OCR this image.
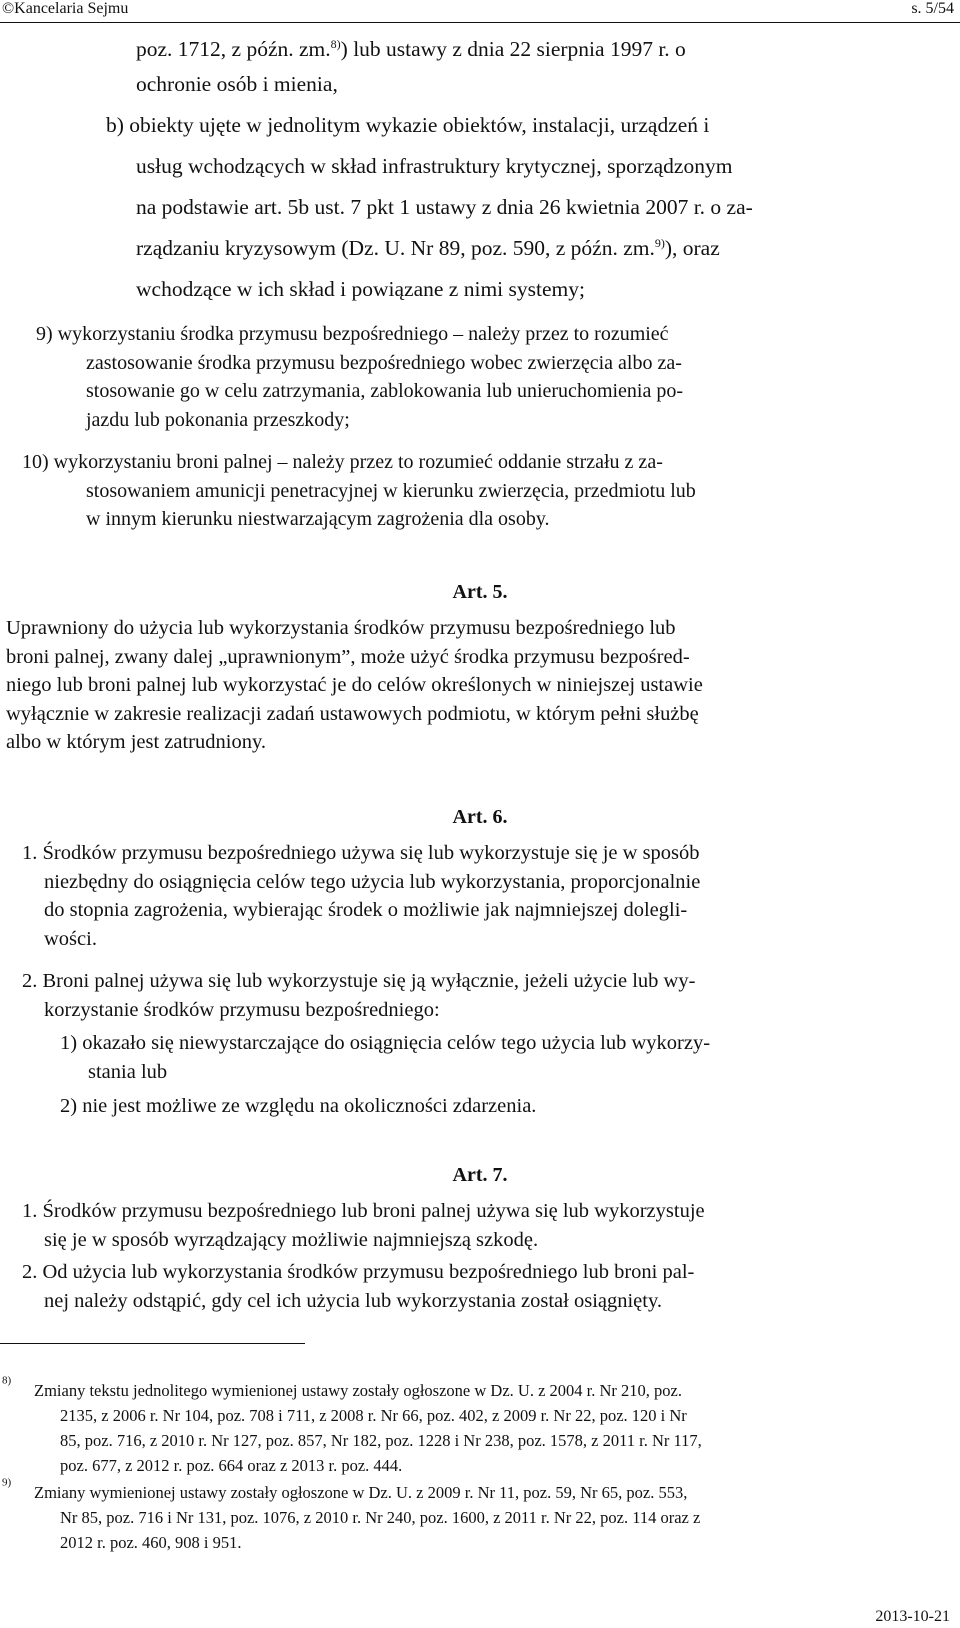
©Kancelaria Sejmu	s. 5/54
poz. 1712, z późn. zm.$^{8)}$) lub ustawy z dnia 22 sierpnia 1997 r. o
ochronie osób i mienia,
b) obiekty ujęte w jednolitym wykazie obiektów, instalacji, urządzeń i
usług wchodzących w skład infrastruktury krytycznej, sporządzonym
na podstawie art. 5b ust. 7 pkt 1 ustawy z dnia 26 kwietnia 2007 r. o za-
rządzaniu kryzysowym (Dz. U. Nr 89, poz. 590, z późn. zm.$^{9)}$), oraz
wchodzące w ich skład i powiązane z nimi systemy;
9) wykorzystaniu środka przymusu bezpośredniego – należy przez to rozumieć
zastosowanie środka przymusu bezpośredniego wobec zwierzęcia albo za-
stosowanie go w celu zatrzymania, zablokowania lub unieruchomienia po-
jazdu lub pokonania przeszkody;
10) wykorzystaniu broni palnej – należy przez to rozumieć oddanie strzału z za-
stosowaniem amunicji penetracyjnej w kierunku zwierzęcia, przedmiotu lub
w innym kierunku niestwarzającym zagrożenia dla osoby.
Art. 5.
Uprawniony do użycia lub wykorzystania środków przymusu bezpośredniego lub
broni palnej, zwany dalej „uprawnionym”, może użyć środka przymusu bezpośred-
niego lub broni palnej lub wykorzystać je do celów określonych w niniejszej ustawie
wyłącznie w zakresie realizacji zadań ustawowych podmiotu, w którym pełni służbę
albo w którym jest zatrudniony.
Art. 6.
1. Środków przymusu bezpośredniego używa się lub wykorzystuje się je w sposób
niezbędny do osiągnięcia celów tego użycia lub wykorzystania, proporcjonalnie
do stopnia zagrożenia, wybierając środek o możliwie jak najmniejszej dolegli-
wości.
2. Broni palnej używa się lub wykorzystuje się ją wyłącznie, jeżeli użycie lub wy-
korzystanie środków przymusu bezpośredniego:
1) okazało się niewystarczające do osiągnięcia celów tego użycia lub wykorzy-
stania lub
2) nie jest możliwe ze względu na okoliczności zdarzenia.
Art. 7.
1. Środków przymusu bezpośredniego lub broni palnej używa się lub wykorzystuje
się je w sposób wyrządzający możliwie najmniejszą szkodę.
2. Od użycia lub wykorzystania środków przymusu bezpośredniego lub broni pal-
nej należy odstąpić, gdy cel ich użycia lub wykorzystania został osiągnięty.
$^{8)}$
Zmiany tekstu jednolitego wymienionej ustawy zostały ogłoszone w Dz. U. z 2004 r. Nr 210, poz.
2135, z 2006 r. Nr 104, poz. 708 i 711, z 2008 r. Nr 66, poz. 402, z 2009 r. Nr 22, poz. 120 i Nr
85, poz. 716, z 2010 r. Nr 127, poz. 857, Nr 182, poz. 1228 i Nr 238, poz. 1578, z 2011 r. Nr 117,
poz. 677, z 2012 r. poz. 664 oraz z 2013 r. poz. 444.
$^{9)}$
Zmiany wymienionej ustawy zostały ogłoszone w Dz. U. z 2009 r. Nr 11, poz. 59, Nr 65, poz. 553,
Nr 85, poz. 716 i Nr 131, poz. 1076, z 2010 r. Nr 240, poz. 1600, z 2011 r. Nr 22, poz. 114 oraz z
2012 r. poz. 460, 908 i 951.
2013-10-21
